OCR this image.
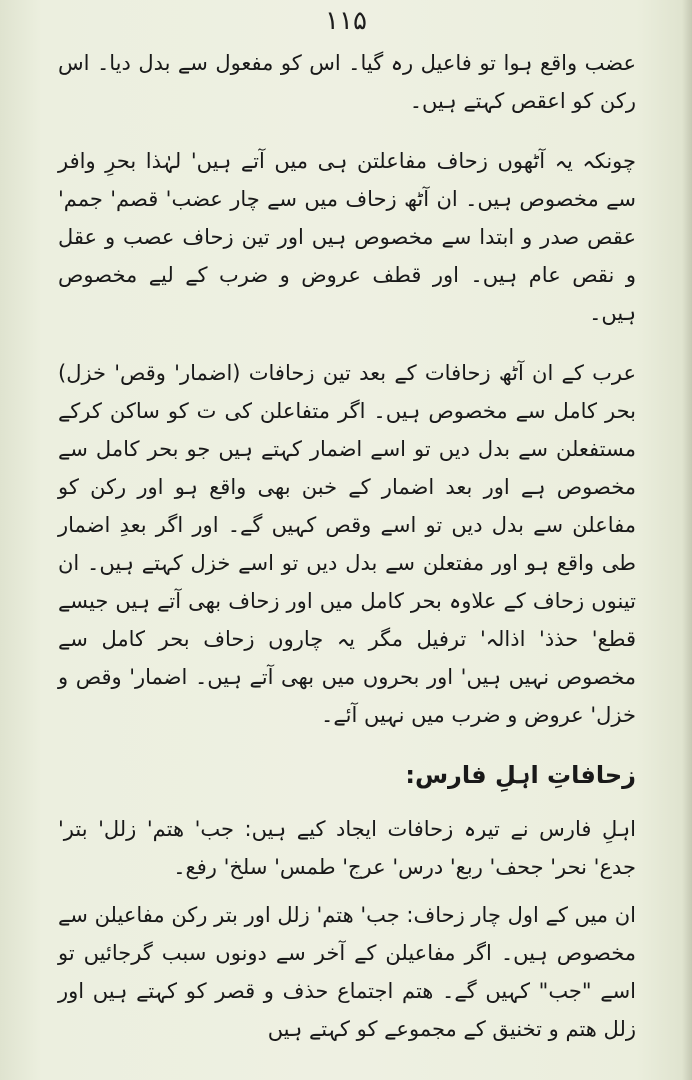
۱۱۵

عضب واقع ہوا تو فاعیل رہ گیا۔ اس کو مفعول سے بدل دیا۔ اس رکن کو اعقص کہتے ہیں۔

چونکہ یہ آٹھوں زحاف مفاعلتن ہی میں آتے ہیں' لہٰذا بحرِ وافر سے مخصوص ہیں۔ ان آٹھ زحاف میں سے چار عضب' قصم' جمم' عقص صدر و ابتدا سے مخصوص ہیں اور تین زحاف عصب و عقل و نقص عام ہیں۔ اور قطف عروض و ضرب کے لیے مخصوص ہیں۔

عرب کے ان آٹھ زحافات کے بعد تین زحافات (اضمار' وقص' خزل) بحر کامل سے مخصوص ہیں۔ اگر متفاعلن کی ت کو ساکن کرکے مستفعلن سے بدل دیں تو اسے اضمار کہتے ہیں جو بحر کامل سے مخصوص ہے اور بعد اضمار کے خبن بھی واقع ہو اور رکن کو مفاعلن سے بدل دیں تو اسے وقص کہیں گے۔ اور اگر بعدِ اضمار طی واقع ہو اور مفتعلن سے بدل دیں تو اسے خزل کہتے ہیں۔ ان تینوں زحاف کے علاوہ بحر کامل میں اور زحاف بھی آتے ہیں جیسے قطع' حذذ' اذالہ' ترفیل مگر یہ چاروں زحاف بحر کامل سے مخصوص نہیں ہیں' اور بحروں میں بھی آتے ہیں۔ اضمار' وقص و خزل' عروض و ضرب میں نہیں آئے۔

زحافاتِ اہلِ فارس:

اہلِ فارس نے تیرہ زحافات ایجاد کیے ہیں: جب' هتم' زلل' بتر' جدع' نحر' جحف' ربع' درس' عرج' طمس' سلخ' رفع۔

ان میں کے اول چار زحاف: جب' هتم' زلل اور بتر رکن مفاعیلن سے مخصوص ہیں۔ اگر مفاعیلن کے آخر سے دونوں سبب گرجائیں تو اسے "جب" کہیں گے۔ هتم اجتماع حذف و قصر کو کہتے ہیں اور زلل هتم و تخنیق کے مجموعے کو کہتے ہیں
